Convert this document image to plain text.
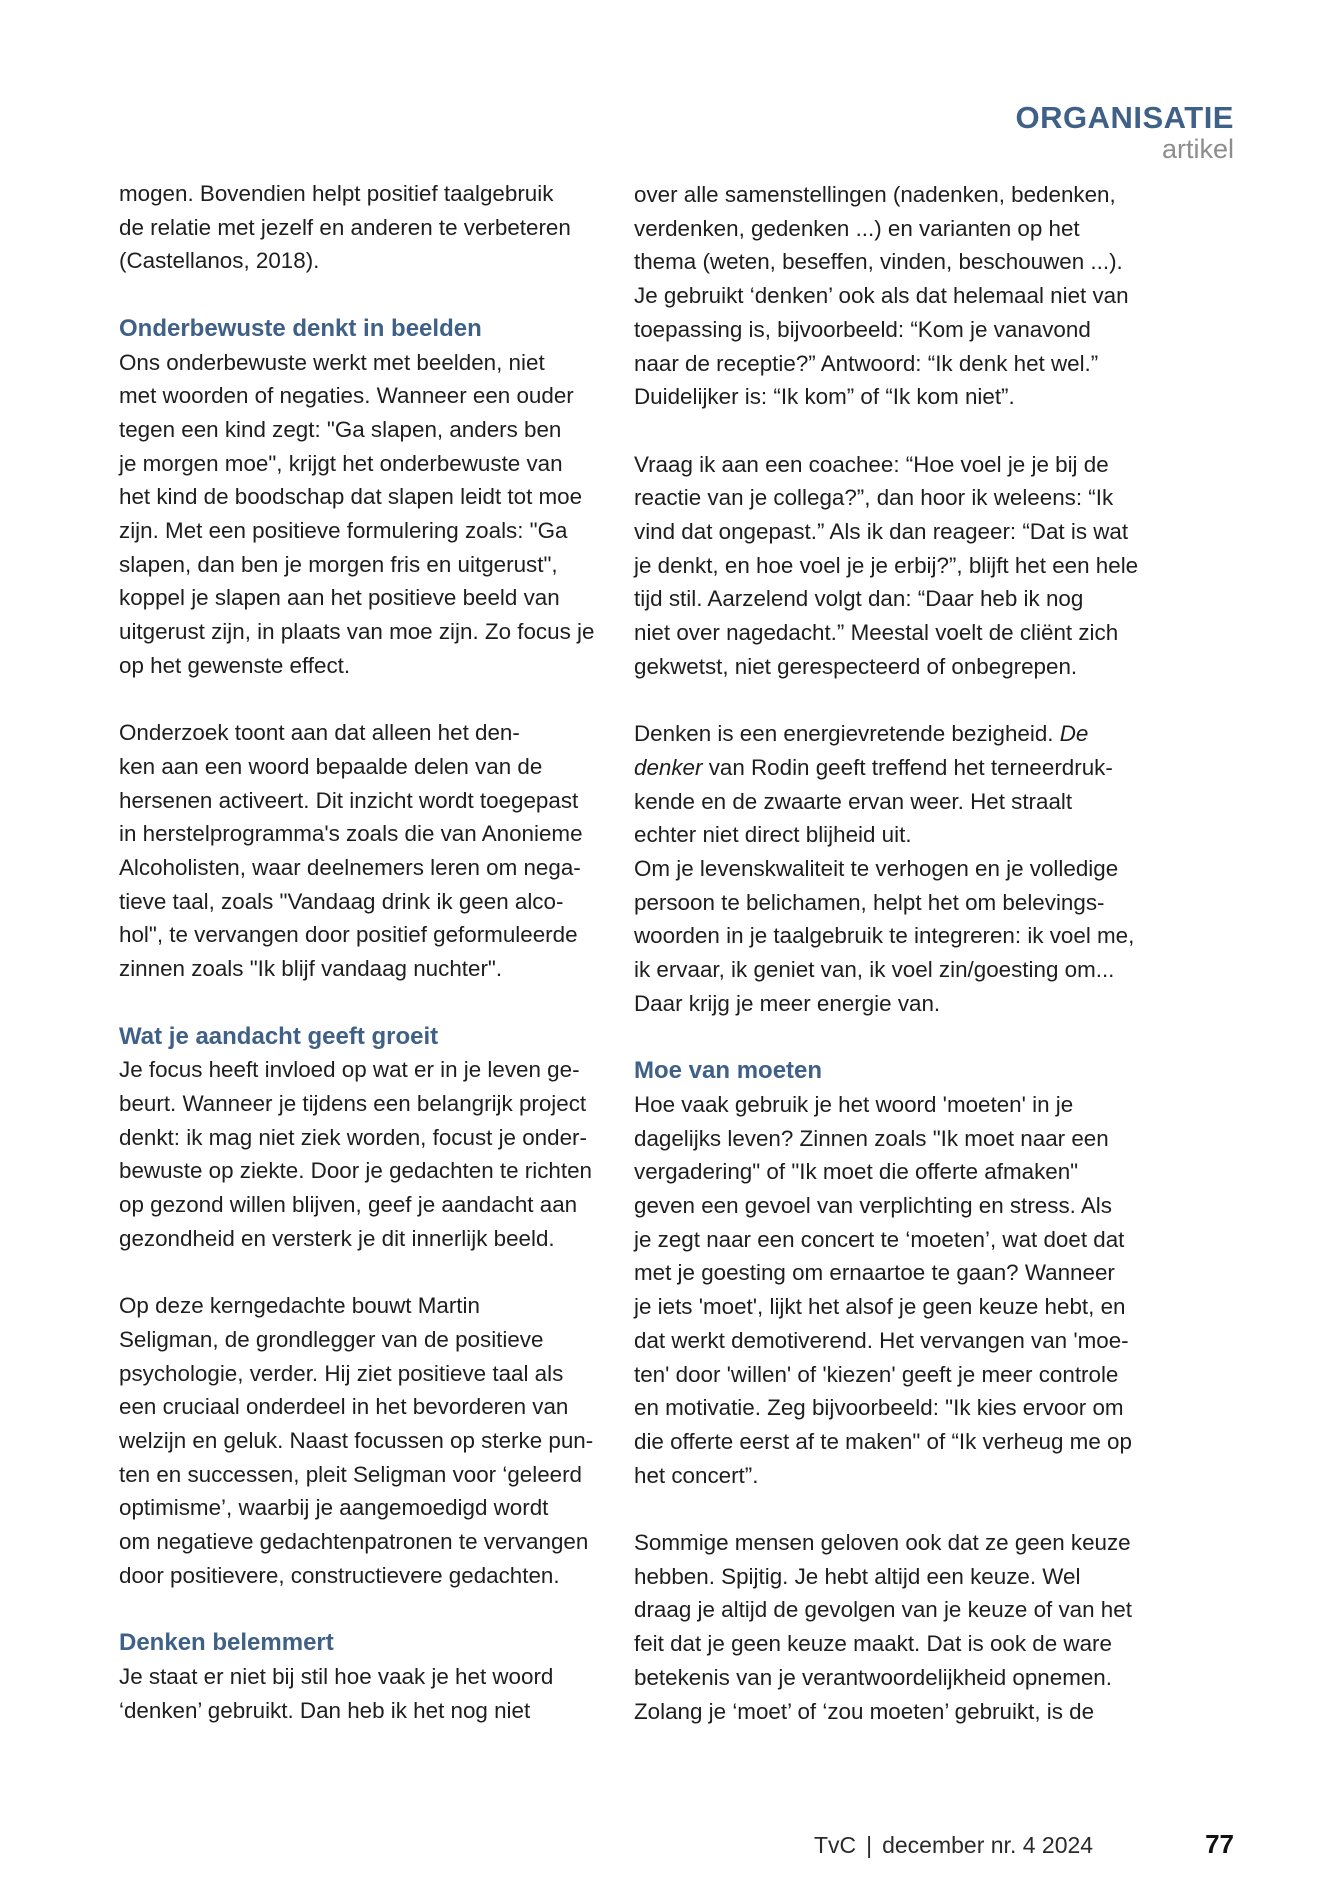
ORGANISATIE
artikel
mogen. Bovendien helpt positief taalgebruik
de relatie met jezelf en anderen te verbeteren
(Castellanos, 2018).
Onderbewuste denkt in beelden
Ons onderbewuste werkt met beelden, niet
met woorden of negaties. Wanneer een ouder
tegen een kind zegt: "Ga slapen, anders ben
je morgen moe", krijgt het onderbewuste van
het kind de boodschap dat slapen leidt tot moe
zijn. Met een positieve formulering zoals: "Ga
slapen, dan ben je morgen fris en uitgerust",
koppel je slapen aan het positieve beeld van
uitgerust zijn, in plaats van moe zijn. Zo focus je
op het gewenste effect.
Onderzoek toont aan dat alleen het den-
ken aan een woord bepaalde delen van de
hersenen activeert. Dit inzicht wordt toegepast
in herstelprogramma's zoals die van Anonieme
Alcoholisten, waar deelnemers leren om nega-
tieve taal, zoals "Vandaag drink ik geen alco-
hol", te vervangen door positief geformuleerde
zinnen zoals "Ik blijf vandaag nuchter".
Wat je aandacht geeft groeit
Je focus heeft invloed op wat er in je leven ge-
beurt. Wanneer je tijdens een belangrijk project
denkt: ik mag niet ziek worden, focust je onder-
bewuste op ziekte. Door je gedachten te richten
op gezond willen blijven, geef je aandacht aan
gezondheid en versterk je dit innerlijk beeld.
Op deze kerngedachte bouwt Martin
Seligman, de grondlegger van de positieve
psychologie, verder. Hij ziet positieve taal als
een cruciaal onderdeel in het bevorderen van
welzijn en geluk. Naast focussen op sterke pun-
ten en successen, pleit Seligman voor ‘geleerd
optimisme’, waarbij je aangemoedigd wordt
om negatieve gedachtenpatronen te vervangen
door positievere, constructievere gedachten.
Denken belemmert
Je staat er niet bij stil hoe vaak je het woord
‘denken’ gebruikt. Dan heb ik het nog niet
over alle samenstellingen (nadenken, bedenken,
verdenken, gedenken ...) en varianten op het
thema (weten, beseffen, vinden, beschouwen ...).
Je gebruikt ‘denken’ ook als dat helemaal niet van
toepassing is, bijvoorbeeld: “Kom je vanavond
naar de receptie?” Antwoord: “Ik denk het wel.”
Duidelijker is: “Ik kom” of “Ik kom niet”.
Vraag ik aan een coachee: “Hoe voel je je bij de
reactie van je collega?”, dan hoor ik weleens: “Ik
vind dat ongepast.” Als ik dan reageer: “Dat is wat
je denkt, en hoe voel je je erbij?”, blijft het een hele
tijd stil. Aarzelend volgt dan: “Daar heb ik nog
niet over nagedacht.” Meestal voelt de cliënt zich
gekwetst, niet gerespecteerd of onbegrepen.
Denken is een energievretende bezigheid. De
denker van Rodin geeft treffend het terneerdruk-
kende en de zwaarte ervan weer. Het straalt
echter niet direct blijheid uit.
Om je levenskwaliteit te verhogen en je volledige
persoon te belichamen, helpt het om belevings-
woorden in je taalgebruik te integreren: ik voel me,
ik ervaar, ik geniet van, ik voel zin/goesting om...
Daar krijg je meer energie van.
Moe van moeten
Hoe vaak gebruik je het woord 'moeten' in je
dagelijks leven? Zinnen zoals "Ik moet naar een
vergadering" of "Ik moet die offerte afmaken"
geven een gevoel van verplichting en stress. Als
je zegt naar een concert te ‘moeten’, wat doet dat
met je goesting om ernaartoe te gaan? Wanneer
je iets 'moet', lijkt het alsof je geen keuze hebt, en
dat werkt demotiverend. Het vervangen van 'moe-
ten' door 'willen' of 'kiezen' geeft je meer controle
en motivatie. Zeg bijvoorbeeld: "Ik kies ervoor om
die offerte eerst af te maken" of “Ik verheug me op
het concert”.
Sommige mensen geloven ook dat ze geen keuze
hebben. Spijtig. Je hebt altijd een keuze. Wel
draag je altijd de gevolgen van je keuze of van het
feit dat je geen keuze maakt. Dat is ook de ware
betekenis van je verantwoordelijkheid opnemen.
Zolang je ‘moet’ of ‘zou moeten’ gebruikt, is de
TvC | december nr. 4 2024	77
